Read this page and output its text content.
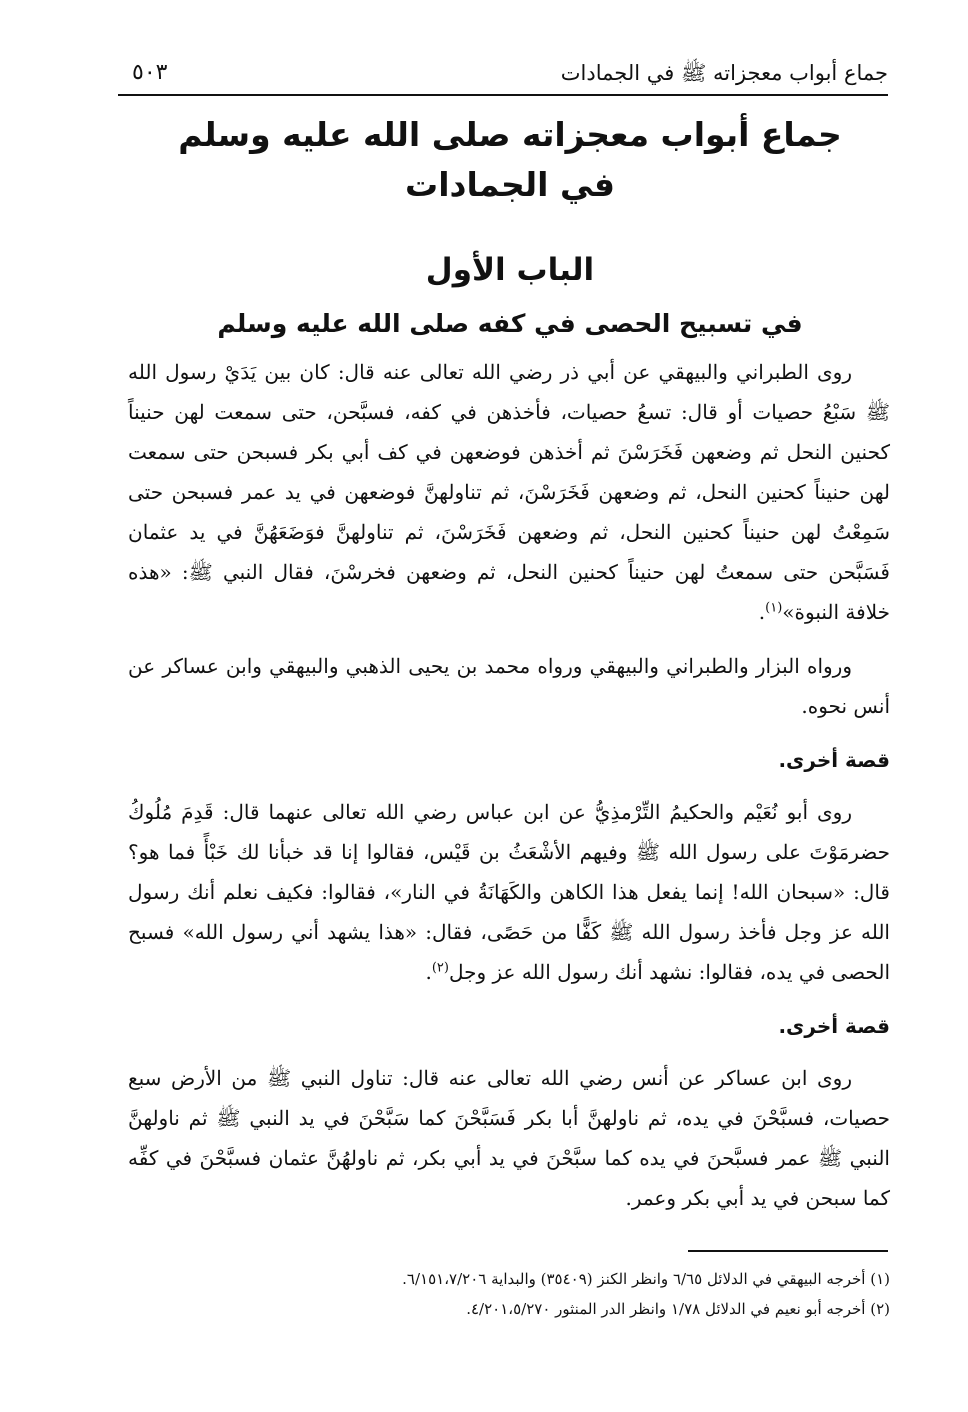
جماع أبواب معجزاته ﷺ في الجمادات
٥٠٣
جماع أبواب معجزاته صلى الله عليه وسلم
في الجمادات
الباب الأول
في تسبيح الحصى في كفه صلى الله عليه وسلم

روى الطبراني والبيهقي عن أبي ذر رضي الله تعالى عنه قال: كان بين يَدَيْ رسول الله ﷺ سَبْعُ حصيات أو قال: تسعُ حصيات، فأخذهن في كفه، فسبَّحن، حتى سمعت لهن حنيناً كحنين النحل ثم وضعهن فَخَرَسْنَ ثم أخذهن فوضعهن في كف أبي بكر فسبحن حتى سمعت لهن حنيناً كحنين النحل، ثم وضعهن فَخَرَسْنَ، ثم تناولهنَّ فوضعهن في يد عمر فسبحن حتى سَمِعْتُ لهن حنيناً كحنين النحل، ثم وضعهن فَخَرَسْنَ، ثم تناولهنَّ فوَضَعَهُنَّ في يد عثمان فَسَبَّحن حتى سمعتُ لهن حنيناً كحنين النحل، ثم وضعهن فخرسْنَ، فقال النبي ﷺ: «هذه خلافة النبوة»$^{(١)}$.

ورواه البزار والطبراني والبيهقي ورواه محمد بن يحيى الذهبي والبيهقي وابن عساكر عن أنس نحوه.

قصة أخرى.

روى أبو نُعَيْم والحكيمُ التِّرْمذِيُّ عن ابن عباس رضي الله تعالى عنهما قال: قَدِمَ مُلُوكُ حضرمَوْتَ على رسول الله ﷺ وفيهم الأشْعَثُ بن قَيْس، فقالوا إنا قد خبأنا لك خَبْأً فما هو؟ قال: «سبحان الله! إنما يفعل هذا الكاهن والكَهَانَةُ في النار»، فقالوا: فكيف نعلم أنك رسول الله عز وجل فأخذ رسول الله ﷺ كَفًّا من حَصًى، فقال: «هذا يشهد أني رسول الله» فسبح الحصى في يده، فقالوا: نشهد أنك رسول الله عز وجل$^{(٢)}$.

قصة أخرى.

روى ابن عساكر عن أنس رضي الله تعالى عنه قال: تناول النبي ﷺ من الأرض سبع حصيات، فسبَّحْنَ في يده، ثم ناولهنَّ أبا بكر فَسَبَّحْنَ كما سَبَّحْنَ في يد النبي ﷺ ثم ناولهنَّ النبي ﷺ عمر فسبَّحنَ في يده كما سبَّحْنَ في يد أبي بكر، ثم ناولهُنَّ عثمان فسبَّحْنَ في كفِّه كما سبحن في يد أبي بكر وعمر.

(١) أخرجه البيهقي في الدلائل ٦/٦٥ وانظر الكنز (٣٥٤٠٩) والبداية ٦/١٥١،٧/٢٠٦.
(٢) أخرجه أبو نعيم في الدلائل ١/٧٨ وانظر الدر المنثور ٤/٢٠١،٥/٢٧٠.
